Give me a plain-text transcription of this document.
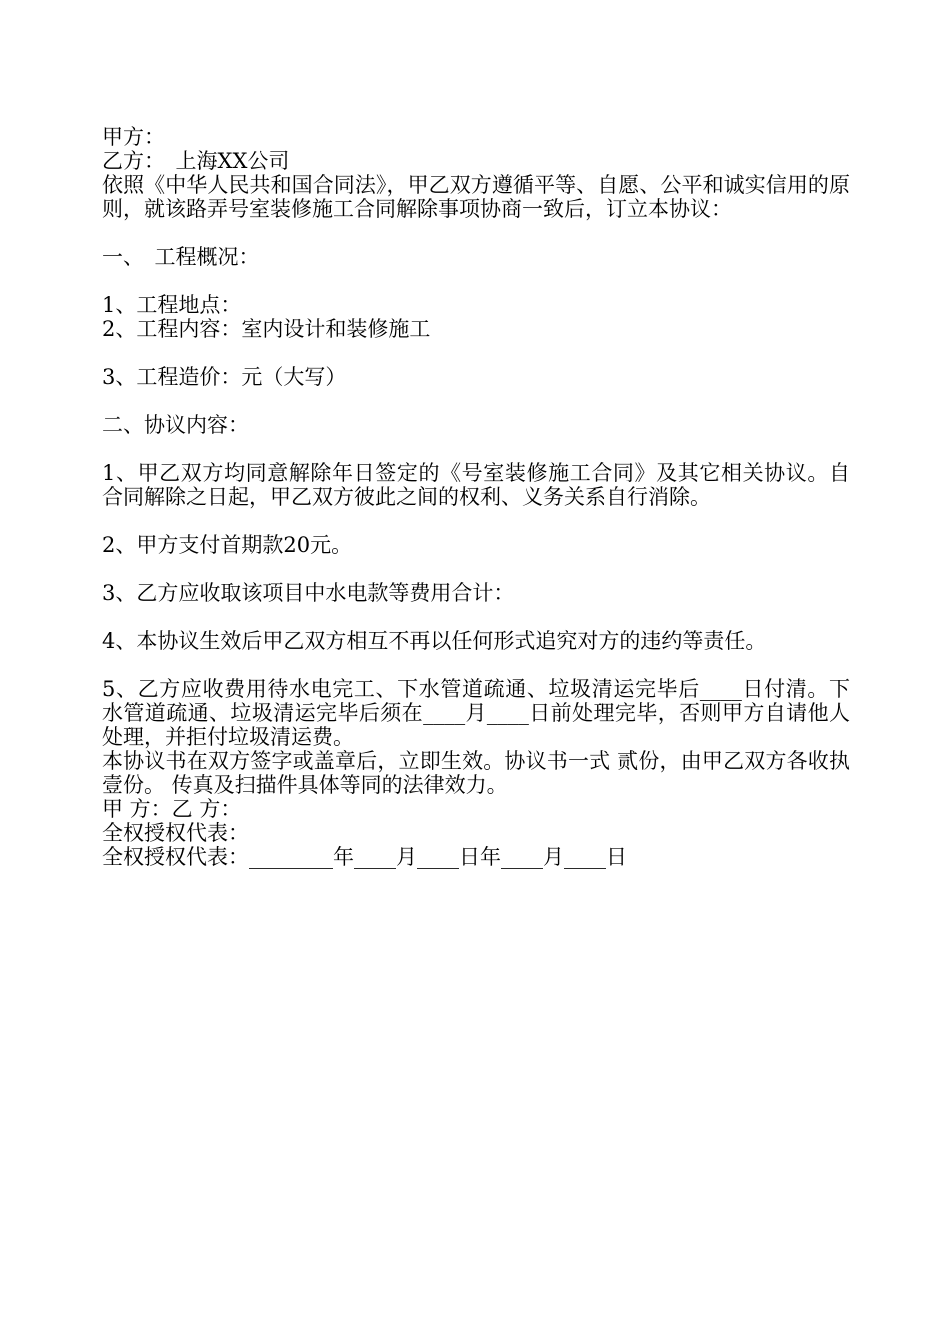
甲方：
乙方：　上海XX公司

依照《中华人民共和国合同法》，甲乙双方遵循平等、自愿、公平和诚实信用的原则，就该路弄号室装修施工合同解除事项协商一致后，订立本协议：

一、　工程概况：
1、工程地点：
2、工程内容：室内设计和装修施工
3、工程造价：元（大写）
二、协议内容：

1、甲乙双方均同意解除年日签定的《号室装修施工合同》及其它相关协议。自合同解除之日起，甲乙双方彼此之间的权利、义务关系自行消除。

2、甲方支付首期款20元。
3、乙方应收取该项目中水电款等费用合计：

4、本协议生效后甲乙双方相互不再以任何形式追究对方的违约等责任。

5、乙方应收费用待水电完工、下水管道疏通、垃圾清运完毕后____日付清。下水管道疏通、垃圾清运完毕后须在____月____日前处理完毕，否则甲方自请他人处理，并拒付垃圾清运费。

本协议书在双方签字或盖章后，立即生效。协议书一式 贰份，由甲乙双方各收执壹份。 传真及扫描件具体等同的法律效力。

甲 方：乙 方：
全权授权代表：
全权授权代表：________年____月____日年____月____日
